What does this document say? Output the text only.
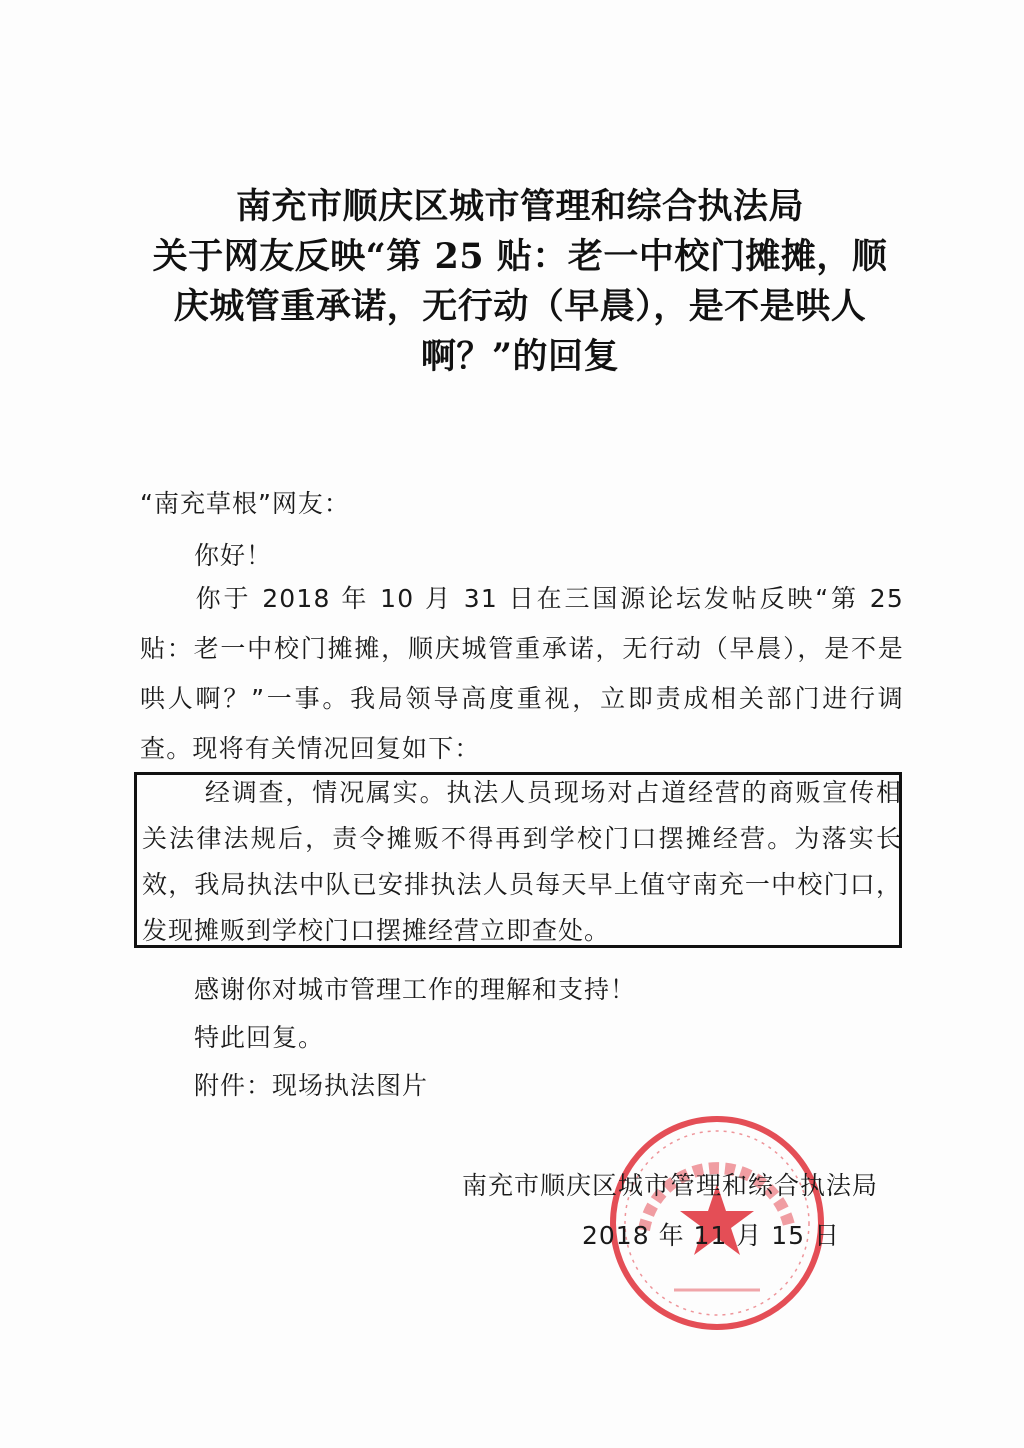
南充市顺庆区城市管理和综合执法局
关于网友反映“第 25 贴：老一中校门摊摊，顺
庆城管重承诺，无行动（早晨），是不是哄人
啊？”的回复
“南充草根”网友：
你好！
你于 2018 年 10 月 31 日在三国源论坛发帖反映“第 25 贴：老一中校门摊摊，顺庆城管重承诺，无行动（早晨），是不是哄人啊？”一事。我局领导高度重视，立即责成相关部门进行调查。现将有关情况回复如下：
经调查，情况属实。执法人员现场对占道经营的商贩宣传相关法律法规后，责令摊贩不得再到学校门口摆摊经营。为落实长效，我局执法中队已安排执法人员每天早上值守南充一中校门口，发现摊贩到学校门口摆摊经营立即查处。
感谢你对城市管理工作的理解和支持！
特此回复。
附件：现场执法图片
南充市顺庆区城市管理和综合执法局
2018 年 11 月 15 日
